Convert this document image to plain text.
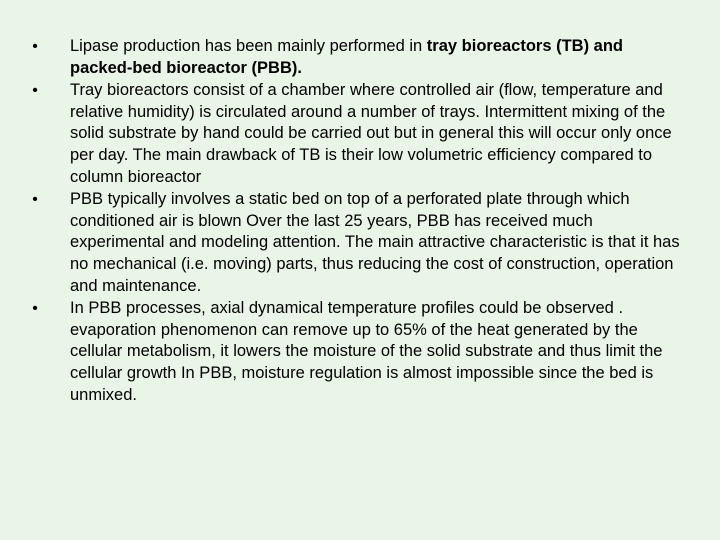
• Lipase production has been mainly performed in tray bioreactors (TB) and packed-bed bioreactor (PBB).
• Tray bioreactors consist of a chamber where controlled air (flow, temperature and relative humidity) is circulated around a number of trays. Intermittent mixing of the solid substrate by hand could be carried out but in general this will occur only once per day. The main drawback of TB is their low volumetric efficiency compared to column bioreactor
• PBB typically involves a static bed on top of a perforated plate through which conditioned air is blown Over the last 25 years, PBB has received much experimental and modeling attention. The main attractive characteristic is that it has no mechanical (i.e. moving) parts, thus reducing the cost of construction, operation and maintenance.
• In PBB processes, axial dynamical temperature profiles could be observed . evaporation phenomenon can remove up to 65% of the heat generated by the cellular metabolism, it lowers the moisture of the solid substrate and thus limit the cellular growth In PBB, moisture regulation is almost impossible since the bed is unmixed.
